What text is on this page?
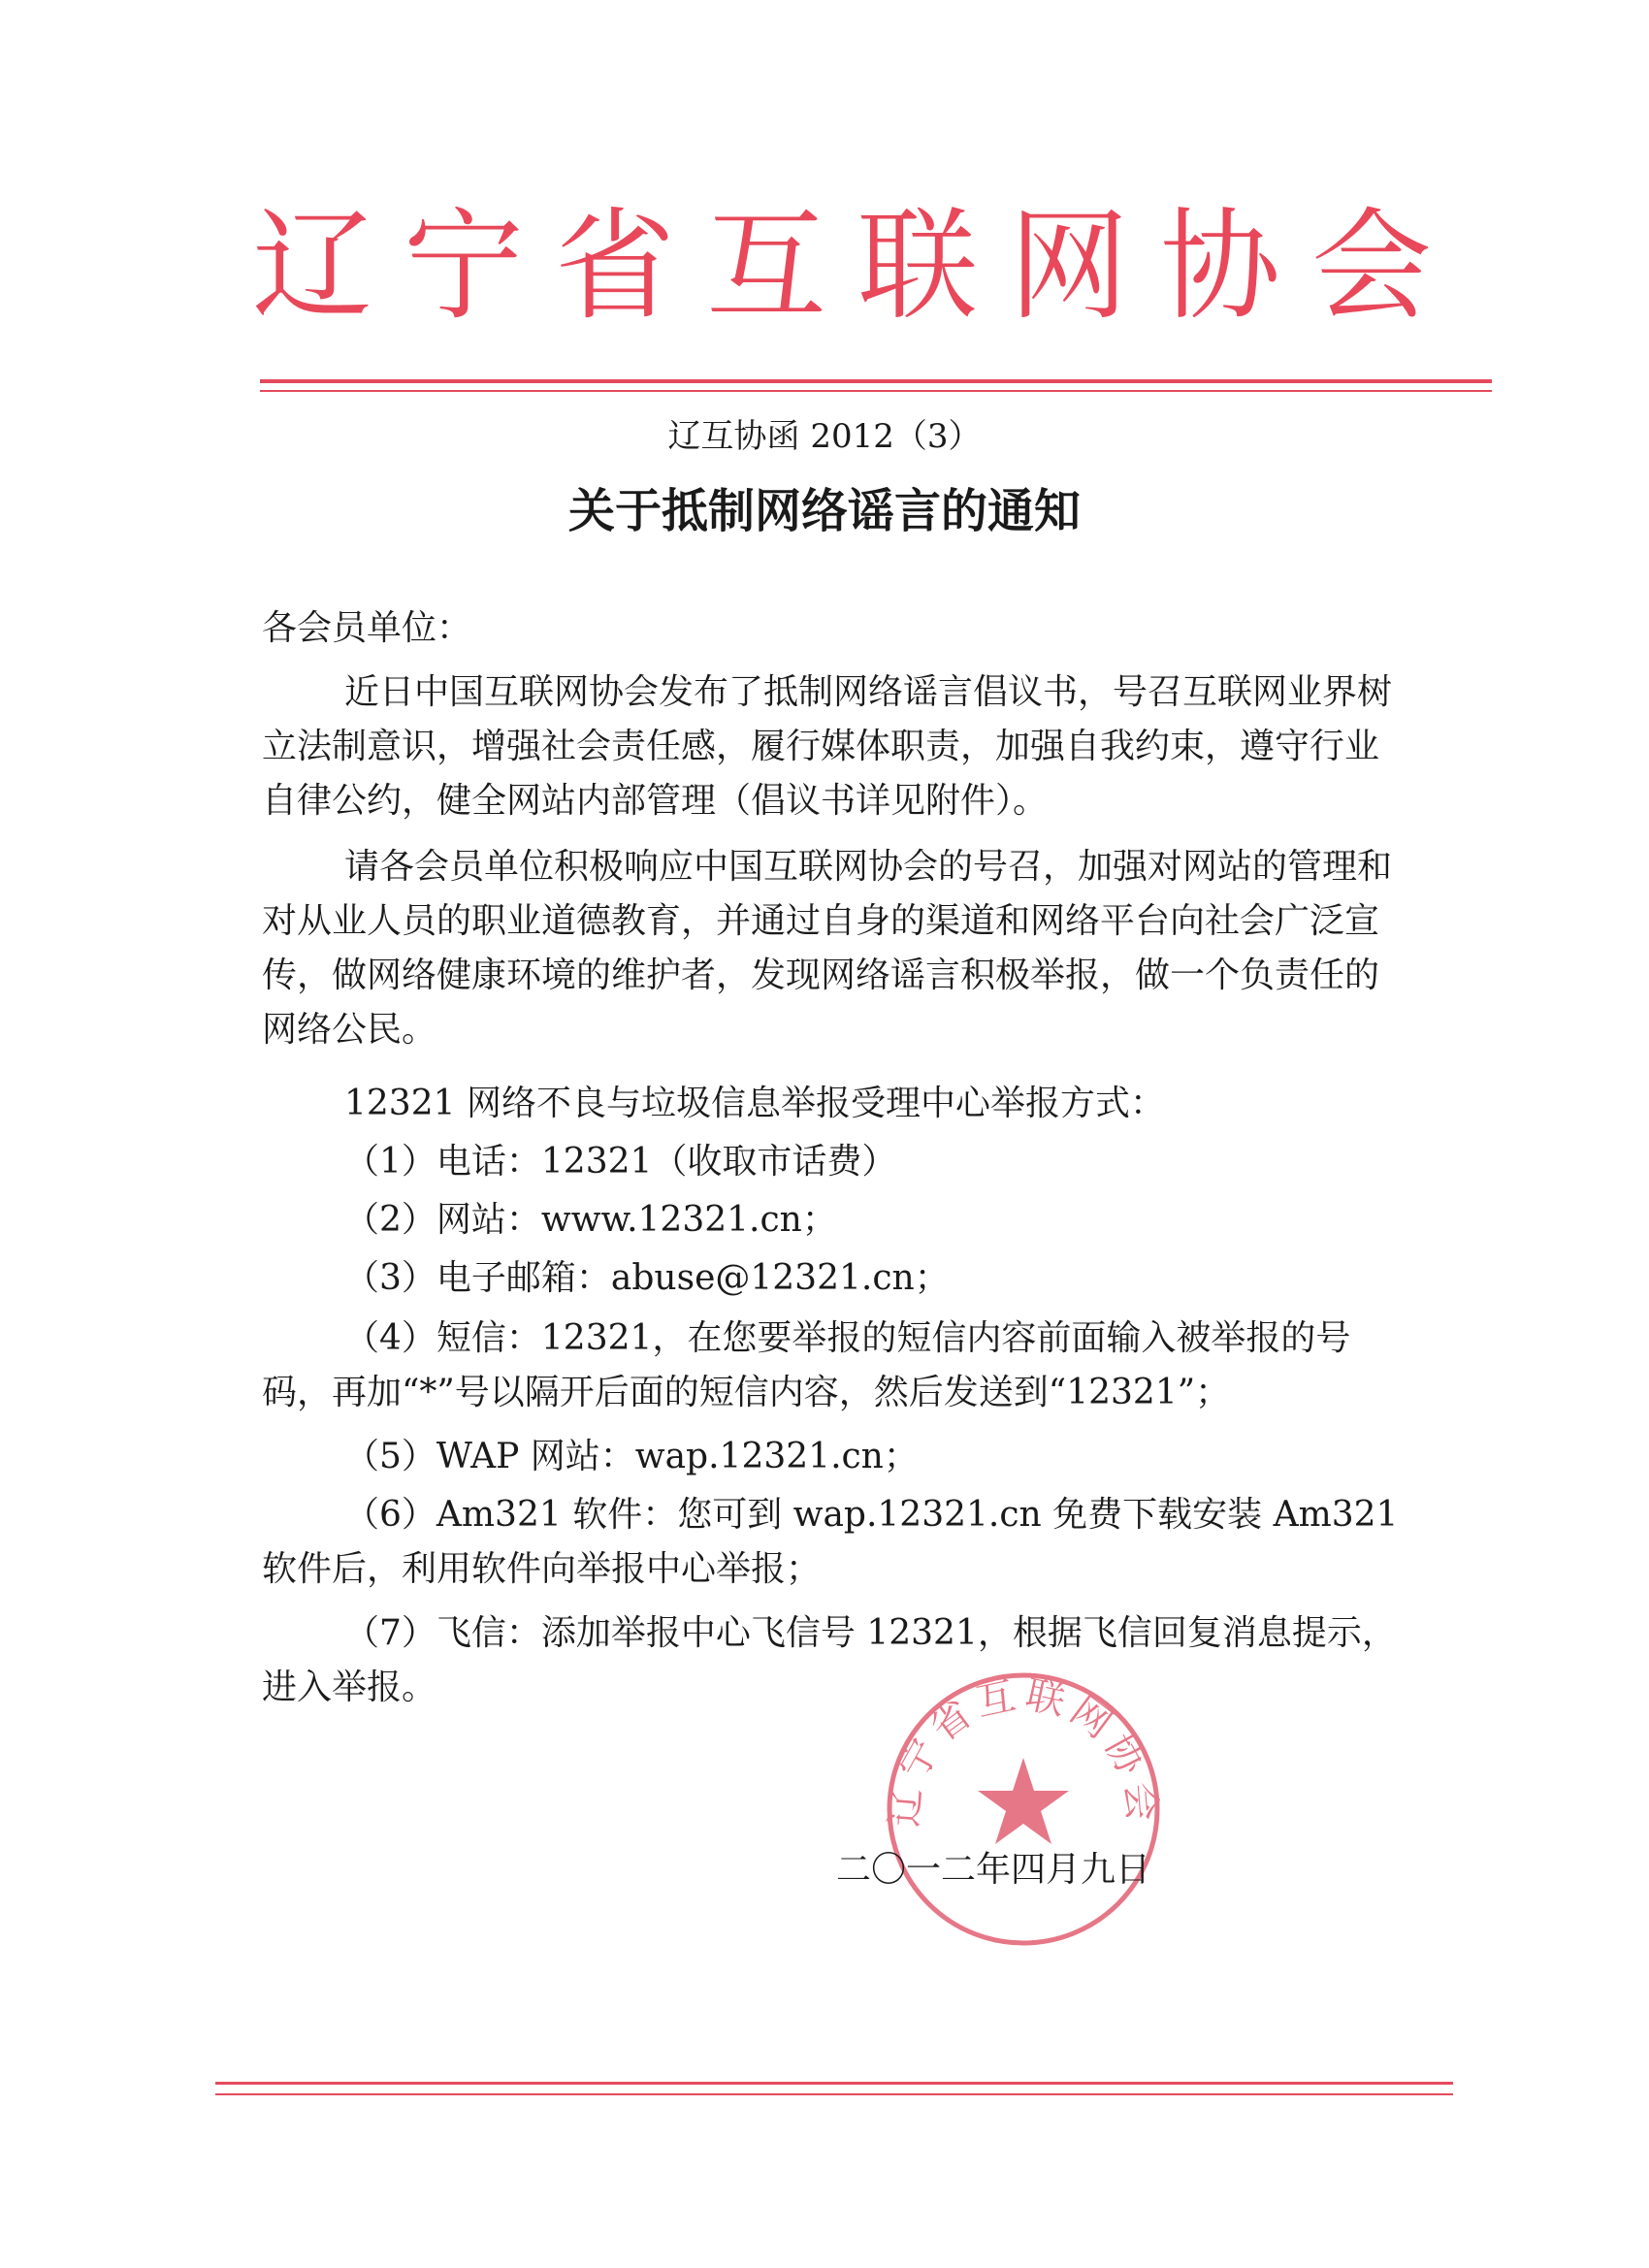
辽宁省互联网协会
辽互协函 2012（3）
关于抵制网络谣言的通知
各会员单位：
近日中国互联网协会发布了抵制网络谣言倡议书，号召互联网业界树立法制意识，增强社会责任感，履行媒体职责，加强自我约束，遵守行业自律公约，健全网站内部管理（倡议书详见附件）。
请各会员单位积极响应中国互联网协会的号召，加强对网站的管理和对从业人员的职业道德教育，并通过自身的渠道和网络平台向社会广泛宣传，做网络健康环境的维护者，发现网络谣言积极举报，做一个负责任的网络公民。
12321 网络不良与垃圾信息举报受理中心举报方式：
（1）电话：12321（收取市话费）
（2）网站：www.12321.cn；
（3）电子邮箱：abuse@12321.cn；
（4）短信：12321，在您要举报的短信内容前面输入被举报的号码，再加“*”号以隔开后面的短信内容，然后发送到“12321”；
（5）WAP 网站：wap.12321.cn；
（6）Am321 软件：您可到 wap.12321.cn 免费下载安装 Am321 软件后，利用软件向举报中心举报；
（7）飞信：添加举报中心飞信号 12321，根据飞信回复消息提示，进入举报。
辽宁省互联网协会
二〇一二年四月九日
